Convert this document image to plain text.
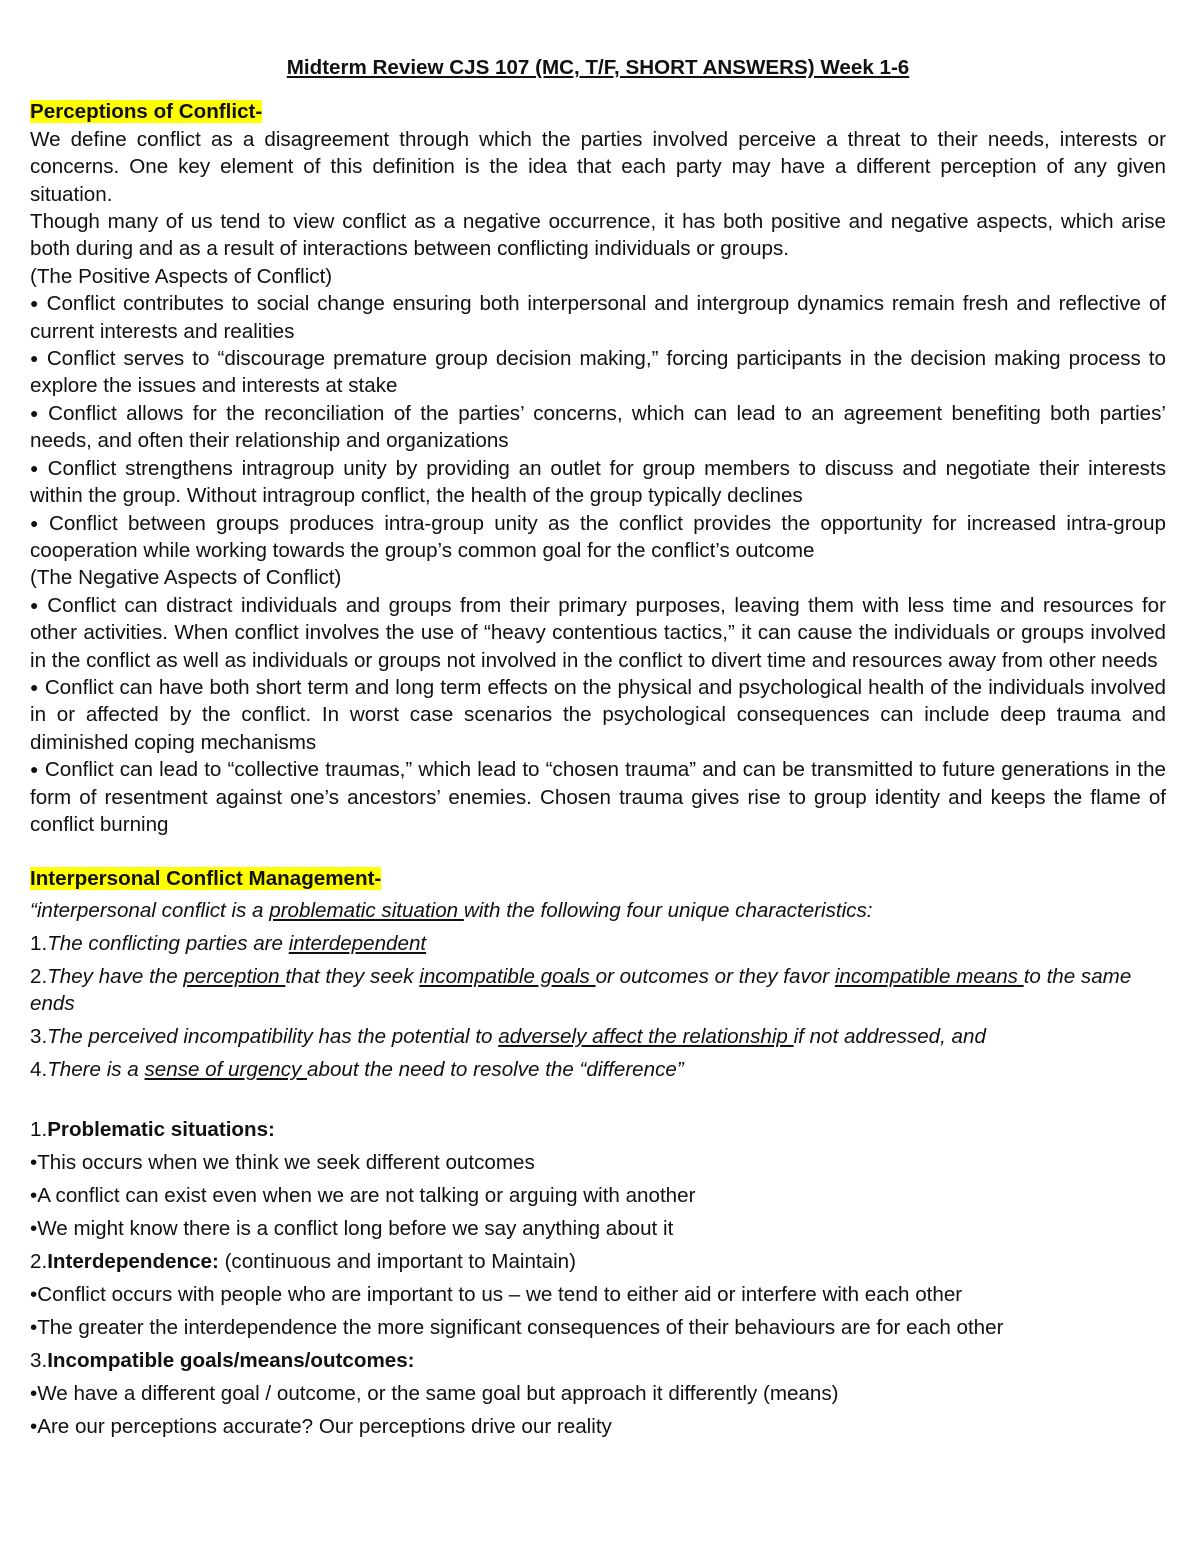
Midterm Review CJS 107 (MC, T/F, SHORT ANSWERS) Week 1-6

Perceptions of Conflict-

We define conflict as a disagreement through which the parties involved perceive a threat to their needs, interests or concerns. One key element of this definition is the idea that each party may have a different perception of any given situation.

Though many of us tend to view conflict as a negative occurrence, it has both positive and negative aspects, which arise both during and as a result of interactions between conflicting individuals or groups.

(The Positive Aspects of Conflict)

● Conflict contributes to social change ensuring both interpersonal and intergroup dynamics remain fresh and reflective of current interests and realities

● Conflict serves to “discourage premature group decision making,” forcing participants in the decision making process to explore the issues and interests at stake

● Conflict allows for the reconciliation of the parties’ concerns, which can lead to an agreement benefiting both parties’ needs, and often their relationship and organizations

● Conflict strengthens intragroup unity by providing an outlet for group members to discuss and negotiate their interests within the group. Without intragroup conflict, the health of the group typically declines

● Conflict between groups produces intra-group unity as the conflict provides the opportunity for increased intra-group cooperation while working towards the group’s common goal for the conflict’s outcome

(The Negative Aspects of Conflict)

● Conflict can distract individuals and groups from their primary purposes, leaving them with less time and resources for other activities. When conflict involves the use of “heavy contentious tactics,” it can cause the individuals or groups involved in the conflict as well as individuals or groups not involved in the conflict to divert time and resources away from other needs

● Conflict can have both short term and long term effects on the physical and psychological health of the individuals involved in or affected by the conflict. In worst case scenarios the psychological consequences can include deep trauma and diminished coping mechanisms

● Conflict can lead to “collective traumas,” which lead to “chosen trauma” and can be transmitted to future generations in the form of resentment against one’s ancestors’ enemies. Chosen trauma gives rise to group identity and keeps the flame of conflict burning

Interpersonal Conflict Management-

“interpersonal conflict is a problematic situation with the following four unique characteristics:

1.The conflicting parties are interdependent

2.They have the perception that they seek incompatible goals or outcomes or they favor incompatible means to the same ends

3.The perceived incompatibility has the potential to adversely affect the relationship if not addressed, and

4.There is a sense of urgency about the need to resolve the “difference”

1.Problematic situations:

•This occurs when we think we seek different outcomes

•A conflict can exist even when we are not talking or arguing with another

•We might know there is a conflict long before we say anything about it

2.Interdependence: (continuous and important to Maintain)

•Conflict occurs with people who are important to us – we tend to either aid or interfere with each other

•The greater the interdependence the more significant consequences of their behaviours are for each other

3.Incompatible goals/means/outcomes:

•We have a different goal / outcome, or the same goal but approach it differently (means)

•Are our perceptions accurate? Our perceptions drive our reality
